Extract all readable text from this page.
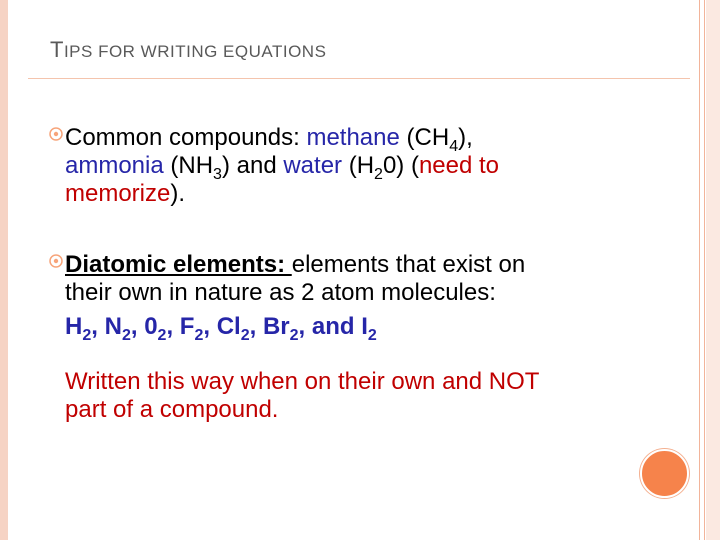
TIPS FOR WRITING EQUATIONS
Common compounds: methane $(CH_4)$,
ammonia $(NH_3)$ and water $(H_20)$ (need to
memorize).
Diatomic elements: elements that exist on
their own in nature as 2 atom molecules:
$H_2$, $N_2$, $0_2$, $F_2$, $Cl_2$, $Br_2$, and $I_2$
Written this way when on their own and NOT
part of a compound.
